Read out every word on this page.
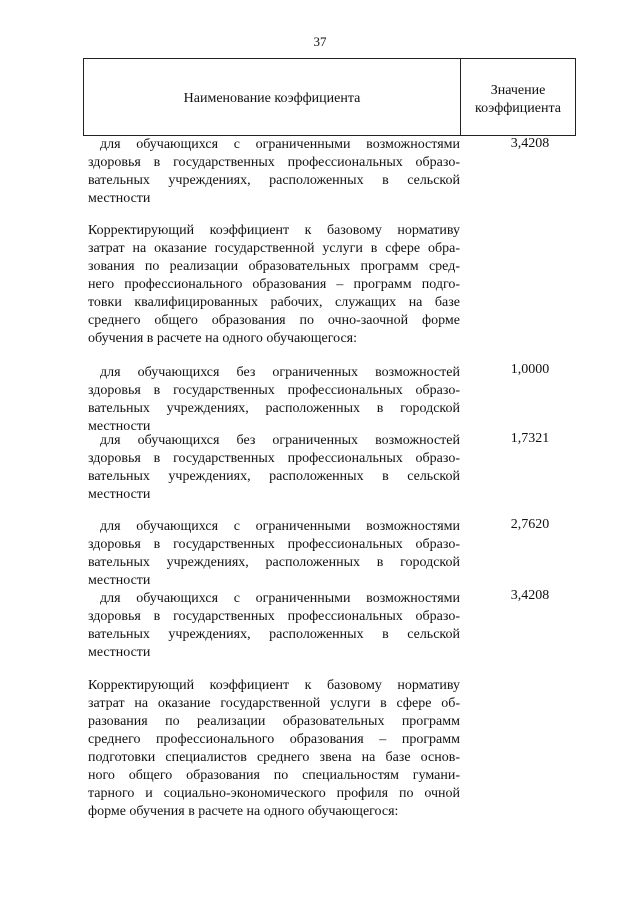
37
Наименование коэффициента
Значение
коэффициента
для обучающихся с ограниченными возможностями
здоровья в государственных профессиональных образо-
вательных учреждениях, расположенных в сельской
местности
3,4208
Корректирующий коэффициент к базовому нормативу
затрат на оказание государственной услуги в сфере обра-
зования по реализации образовательных программ сред-
него профессионального образования – программ подго-
товки квалифицированных рабочих, служащих на базе
среднего общего образования по очно-заочной форме
обучения в расчете на одного обучающегося:
для обучающихся без ограниченных возможностей
здоровья в государственных профессиональных образо-
вательных учреждениях, расположенных в городской
местности
1,0000
для обучающихся без ограниченных возможностей
здоровья в государственных профессиональных образо-
вательных учреждениях, расположенных в сельской
местности
1,7321
для обучающихся с ограниченными возможностями
здоровья в государственных профессиональных образо-
вательных учреждениях, расположенных в городской
местности
2,7620
для обучающихся с ограниченными возможностями
здоровья в государственных профессиональных образо-
вательных учреждениях, расположенных в сельской
местности
3,4208
Корректирующий коэффициент к базовому нормативу
затрат на оказание государственной услуги в сфере об-
разования по реализации образовательных программ
среднего профессионального образования – программ
подготовки специалистов среднего звена на базе основ-
ного общего образования по специальностям гумани-
тарного и социально-экономического профиля по очной
форме обучения в расчете на одного обучающегося:
